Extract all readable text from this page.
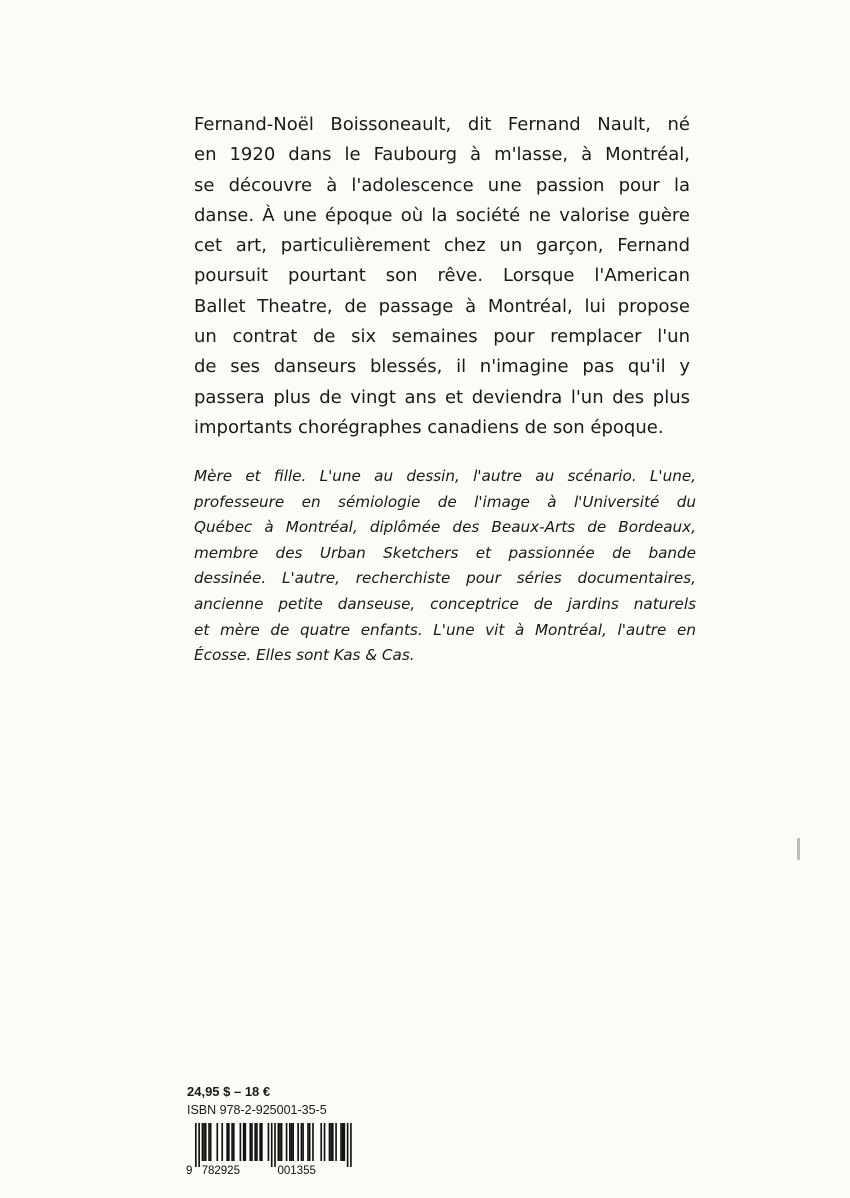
Fernand-Noël Boissoneault, dit Fernand Nault, né
en 1920 dans le Faubourg à m'lasse, à Montréal,
se découvre à l'adolescence une passion pour la
danse. À une époque où la société ne valorise guère
cet art, particulièrement chez un garçon, Fernand
poursuit pourtant son rêve. Lorsque l'American
Ballet Theatre, de passage à Montréal, lui propose
un contrat de six semaines pour remplacer l'un
de ses danseurs blessés, il n'imagine pas qu'il y
passera plus de vingt ans et deviendra l'un des plus
importants chorégraphes canadiens de son époque.
Mère et fille. L'une au dessin, l'autre au scénario. L'une,
professeure en sémiologie de l'image à l'Université du
Québec à Montréal, diplômée des Beaux-Arts de Bordeaux,
membre des Urban Sketchers et passionnée de bande
dessinée. L'autre, recherchiste pour séries documentaires,
ancienne petite danseuse, conceptrice de jardins naturels
et mère de quatre enfants. L'une vit à Montréal, l'autre en
Écosse. Elles sont Kas & Cas.
24,95 $ – 18 €
ISBN 978-2-925001-35-5
9 782925	001355
